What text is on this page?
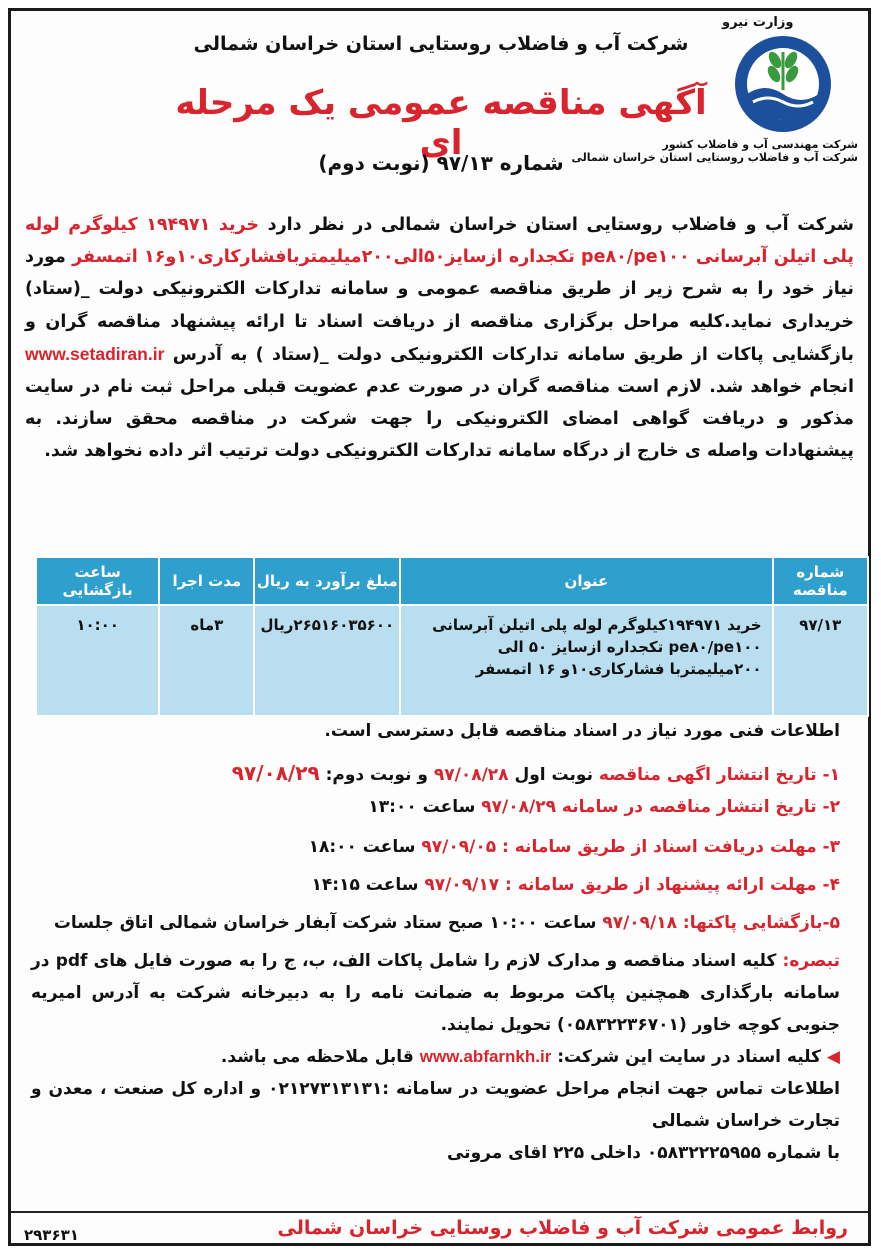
وزارت نیرو
شرکت مهندسی آب و فاضلاب کشور
شرکت آب و فاضلاب روستایی استان خراسان شمالی
شرکت آب و فاضلاب روستایی استان خراسان شمالی
آگهی مناقصه عمومی یک مرحله ای
شماره ۹۷/۱۳ (نوبت دوم)
شرکت آب و فاضلاب روستایی استان خراسان شمالی در نظر دارد خرید ۱۹۴۹۷۱ کیلوگرم لوله پلی اتیلن آبرسانی pe۸۰/pe۱۰۰ تکجداره ازسایز۵۰الی۲۰۰میلیمتربافشارکاری۱۰و۱۶ اتمسفر مورد نیاز خود را به شرح زیر از طریق مناقصه عمومی و سامانه تدارکات الکترونیکی دولت _(ستاد) خریداری نماید.کلیه مراحل برگزاری مناقصه از دریافت اسناد تا ارائه پیشنهاد مناقصه گران و بازگشایی پاکات از طریق سامانه تدارکات الکترونیکی دولت _(ستاد ) به آدرس www.setadiran.ir انجام خواهد شد. لازم است مناقصه گران در صورت عدم عضویت قبلی مراحل ثبت نام در سایت مذکور و دریافت گواهی امضای الکترونیکی را جهت شرکت در مناقصه محقق سازند. به پیشنهادات واصله ی خارج از درگاه سامانه تدارکات الکترونیکی دولت ترتیب اثر داده نخواهد شد.
شماره مناقصه	عنوان	مبلغ برآورد به ریال	مدت اجرا	ساعت بازگشایی
۹۷/۱۳	خرید ۱۹۴۹۷۱کیلوگرم لوله پلی اتیلن آبرسانی pe۸۰/pe۱۰۰ تکجداره ازسایز ۵۰ الی ۲۰۰میلیمتربا فشارکاری۱۰و ۱۶ اتمسفر	۲۶۵۱۶۰۳۵۶۰۰ریال	۳ماه	۱۰:۰۰

اطلاعات فنی مورد نیاز در اسناد مناقصه قابل دسترسی است.

۱- تاریخ انتشار اگهی مناقصه نوبت اول ۹۷/۰۸/۲۸ و نوبت دوم: ۹۷/۰۸/۲۹

۲- تاریخ انتشار مناقصه در سامانه ۹۷/۰۸/۲۹ ساعت ۱۳:۰۰

۳- مهلت دریافت اسناد از طریق سامانه : ۹۷/۰۹/۰۵ ساعت ۱۸:۰۰

۴- مهلت ارائه پیشنهاد از طریق سامانه : ۹۷/۰۹/۱۷ ساعت ۱۴:۱۵

۵-بازگشایی پاکتها: ۹۷/۰۹/۱۸ ساعت ۱۰:۰۰ صبح ستاد شرکت آبفار خراسان شمالی اتاق جلسات

تبصره: کلیه اسناد مناقصه و مدارک لازم را شامل پاکات الف، ب، ج را به صورت فایل های pdf در سامانه بارگذاری همچنین پاکت مربوط به ضمانت نامه را به دبیرخانه شرکت به آدرس امیریه جنوبی کوچه خاور (۰۵۸۳۲۲۳۶۷۰۱) تحویل نمایند.
◀ کلیه اسناد در سایت این شرکت: www.abfarnkh.ir قابل ملاحظه می باشد.
اطلاعات تماس جهت انجام مراحل عضویت در سامانه :۰۲۱۲۷۳۱۳۱۳۱ و اداره کل صنعت ، معدن و تجارت خراسان شمالی
با شماره ۰۵۸۳۲۲۲۵۹۵۵ داخلی ۲۲۵ اقای مروتی
روابط عمومی شرکت آب و فاضلاب روستایی خراسان شمالی
۲۹۳۶۳۱
